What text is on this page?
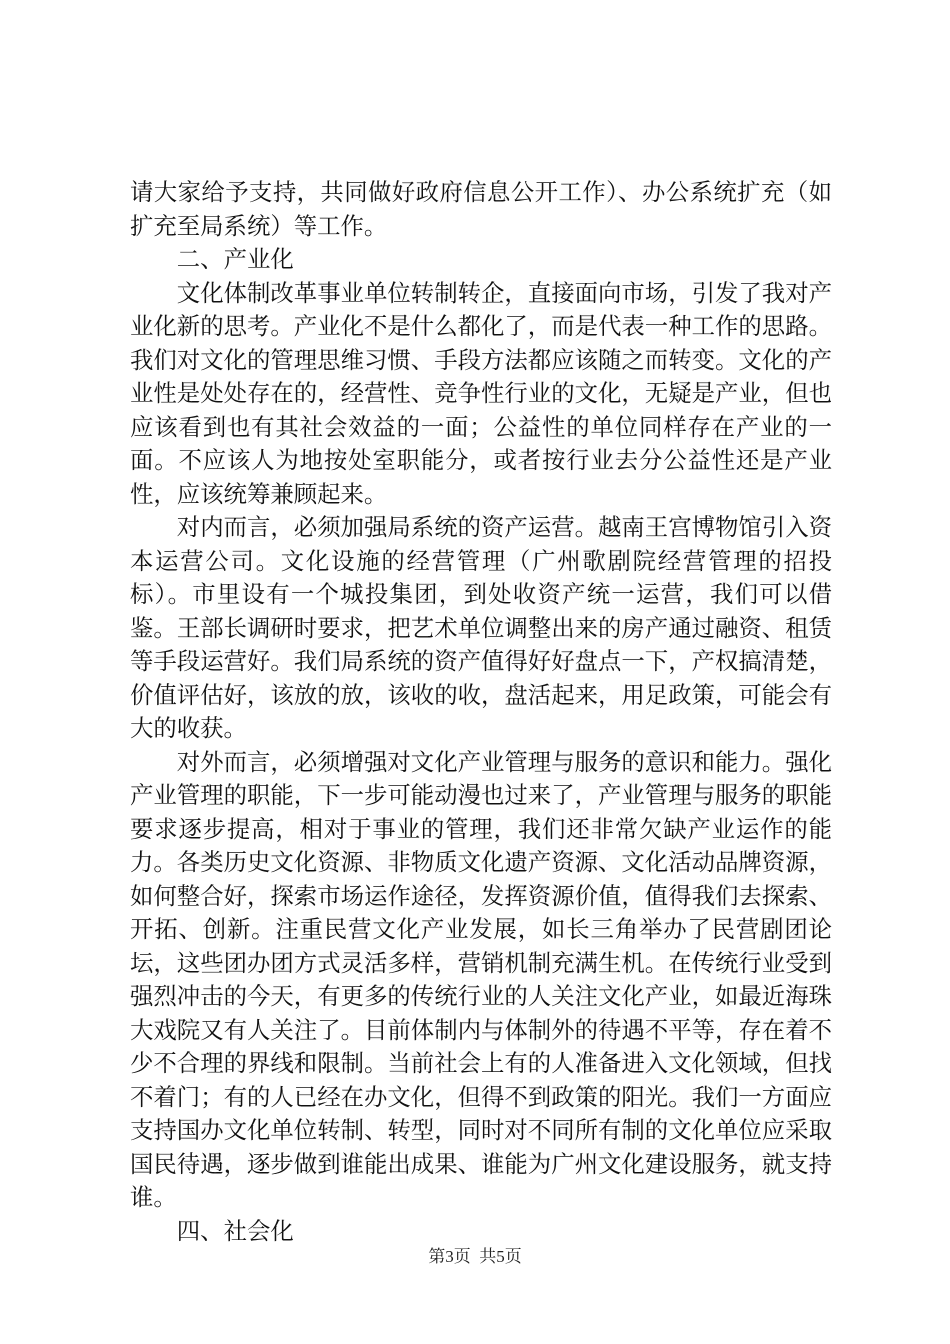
请大家给予支持，共同做好政府信息公开工作）、办公系统扩充（如扩充至局系统）等工作。

二、产业化

文化体制改革事业单位转制转企，直接面向市场，引发了我对产业化新的思考。产业化不是什么都化了，而是代表一种工作的思路。我们对文化的管理思维习惯、手段方法都应该随之而转变。文化的产业性是处处存在的，经营性、竞争性行业的文化，无疑是产业，但也应该看到也有其社会效益的一面；公益性的单位同样存在产业的一面。不应该人为地按处室职能分，或者按行业去分公益性还是产业性，应该统筹兼顾起来。

对内而言，必须加强局系统的资产运营。越南王宫博物馆引入资本运营公司。文化设施的经营管理（广州歌剧院经营管理的招投标）。市里设有一个城投集团，到处收资产统一运营，我们可以借鉴。王部长调研时要求，把艺术单位调整出来的房产通过融资、租赁等手段运营好。我们局系统的资产值得好好盘点一下，产权搞清楚，价值评估好，该放的放，该收的收，盘活起来，用足政策，可能会有大的收获。

对外而言，必须增强对文化产业管理与服务的意识和能力。强化产业管理的职能，下一步可能动漫也过来了，产业管理与服务的职能要求逐步提高，相对于事业的管理，我们还非常欠缺产业运作的能力。各类历史文化资源、非物质文化遗产资源、文化活动品牌资源，如何整合好，探索市场运作途径，发挥资源价值，值得我们去探索、开拓、创新。注重民营文化产业发展，如长三角举办了民营剧团论坛，这些团办团方式灵活多样，营销机制充满生机。在传统行业受到强烈冲击的今天，有更多的传统行业的人关注文化产业，如最近海珠大戏院又有人关注了。目前体制内与体制外的待遇不平等，存在着不少不合理的界线和限制。当前社会上有的人准备进入文化领域，但找不着门；有的人已经在办文化，但得不到政策的阳光。我们一方面应支持国办文化单位转制、转型，同时对不同所有制的文化单位应采取国民待遇，逐步做到谁能出成果、谁能为广州文化建设服务，就支持谁。

四、社会化

第3页  共5页
